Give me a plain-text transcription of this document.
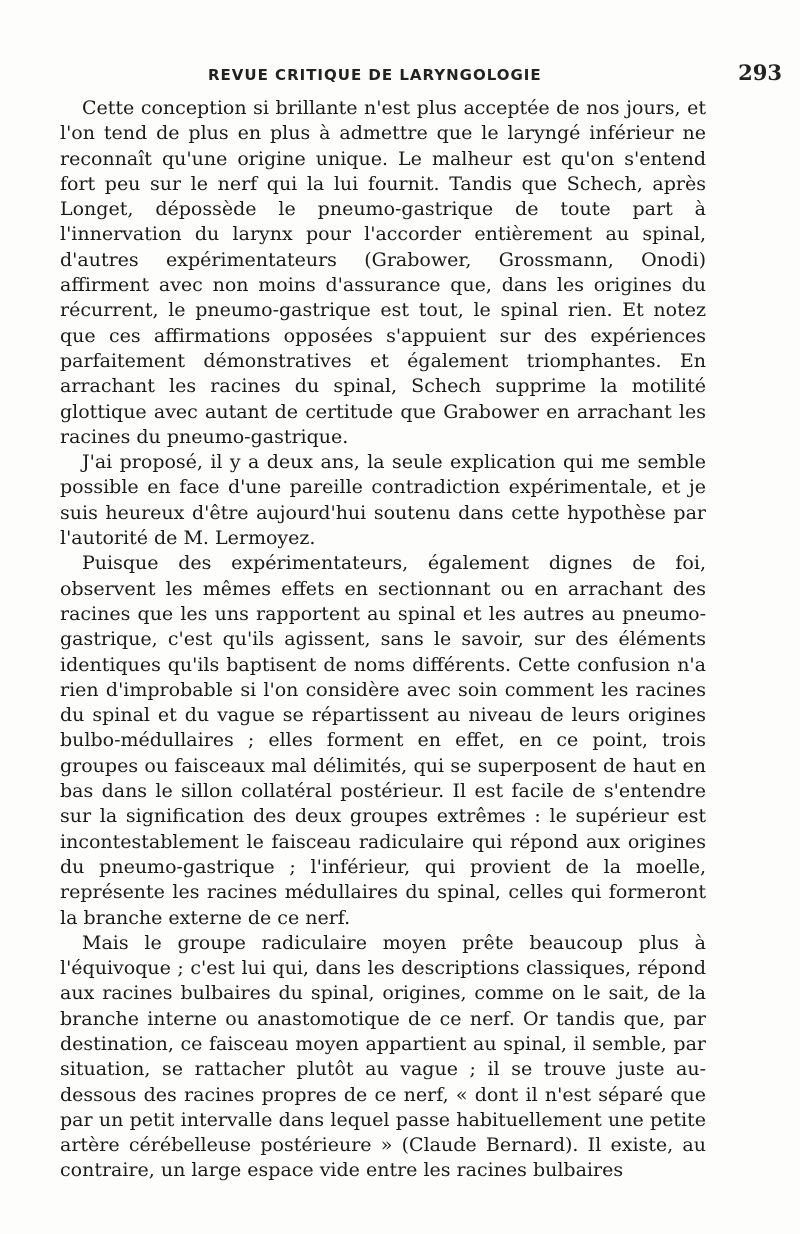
REVUE CRITIQUE DE LARYNGOLOGIE	293

Cette conception si brillante n'est plus acceptée de nos jours, et l'on tend de plus en plus à admettre que le laryngé inférieur ne reconnaît qu'une origine unique. Le malheur est qu'on s'entend fort peu sur le nerf qui la lui fournit. Tandis que Schech, après Longet, dépossède le pneumo-gastrique de toute part à l'innervation du larynx pour l'accorder entièrement au spinal, d'autres expérimentateurs (Grabower, Grossmann, Onodi) affirment avec non moins d'assurance que, dans les origines du récurrent, le pneumo-gastrique est tout, le spinal rien. Et notez que ces affirmations opposées s'appuient sur des expériences parfaitement démonstratives et également triomphantes. En arrachant les racines du spinal, Schech supprime la motilité glottique avec autant de certitude que Grabower en arrachant les racines du pneumo-gastrique.

J'ai proposé, il y a deux ans, la seule explication qui me semble possible en face d'une pareille contradiction expérimentale, et je suis heureux d'être aujourd'hui soutenu dans cette hypothèse par l'autorité de M. Lermoyez.

Puisque des expérimentateurs, également dignes de foi, observent les mêmes effets en sectionnant ou en arrachant des racines que les uns rapportent au spinal et les autres au pneumo-gastrique, c'est qu'ils agissent, sans le savoir, sur des éléments identiques qu'ils baptisent de noms différents. Cette confusion n'a rien d'improbable si l'on considère avec soin comment les racines du spinal et du vague se répartissent au niveau de leurs origines bulbo-médullaires ; elles forment en effet, en ce point, trois groupes ou faisceaux mal délimités, qui se superposent de haut en bas dans le sillon collatéral postérieur. Il est facile de s'entendre sur la signification des deux groupes extrêmes : le supérieur est incontestablement le faisceau radiculaire qui répond aux origines du pneumo-gastrique ; l'inférieur, qui provient de la moelle, représente les racines médullaires du spinal, celles qui formeront la branche externe de ce nerf.

Mais le groupe radiculaire moyen prête beaucoup plus à l'équivoque ; c'est lui qui, dans les descriptions classiques, répond aux racines bulbaires du spinal, origines, comme on le sait, de la branche interne ou anastomotique de ce nerf. Or tandis que, par destination, ce faisceau moyen appartient au spinal, il semble, par situation, se rattacher plutôt au vague ; il se trouve juste au-dessous des racines propres de ce nerf, « dont il n'est séparé que par un petit intervalle dans lequel passe habituellement une petite artère cérébelleuse postérieure » (Claude Bernard). Il existe, au contraire, un large espace vide entre les racines bulbaires
